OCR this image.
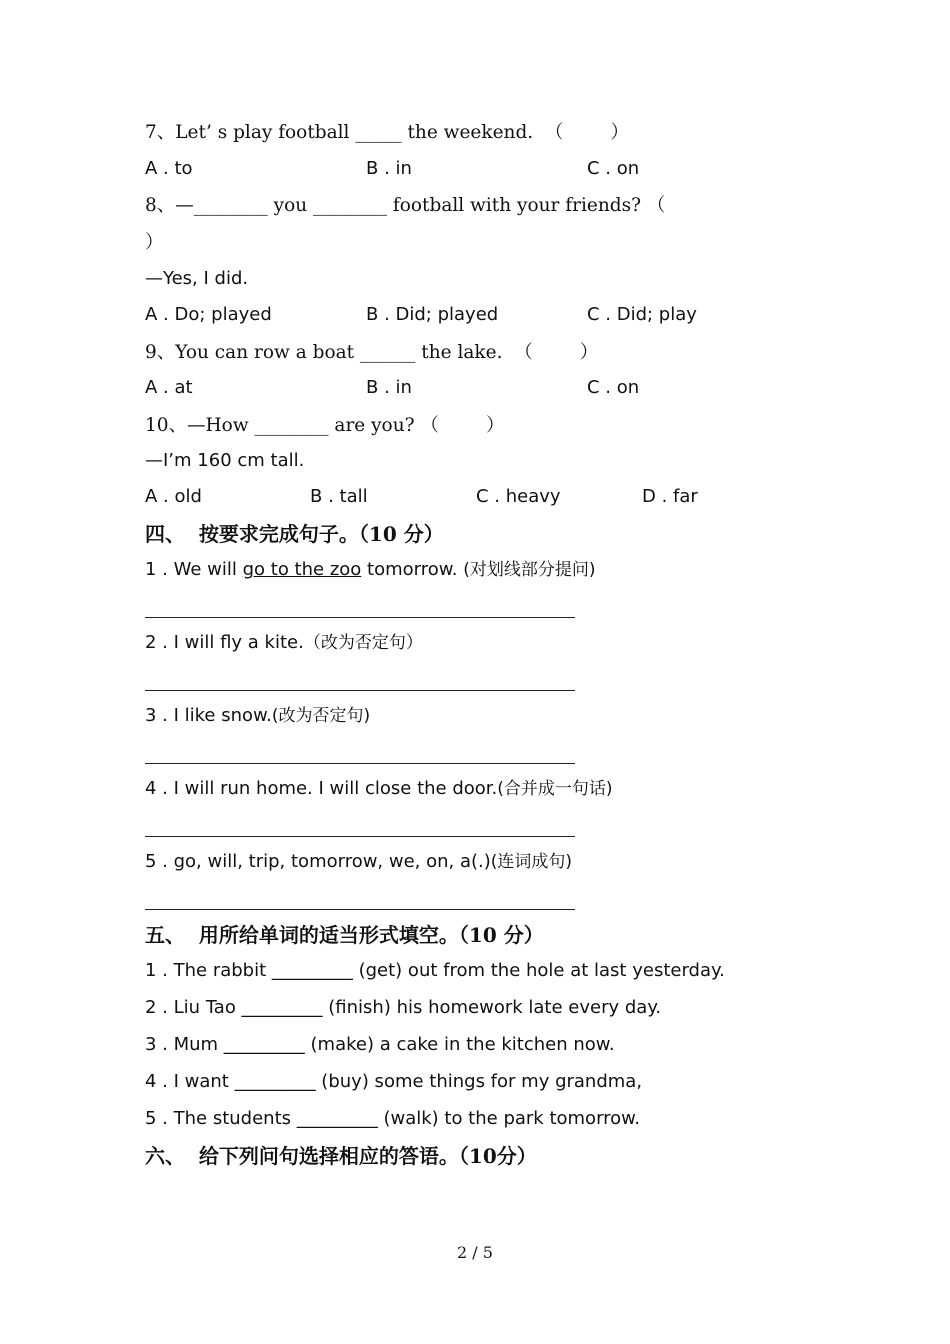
7、Let’ s play football _____ the weekend.  （        ）
A . to	B . in	C . on
8、—________ you ________ football with your friends? （
）
—Yes, I did.
A . Do; played	B . Did; played	C . Did; play
9、You can row a boat ______ the lake.  （        ）
A . at	B . in	C . on
10、—How ________ are you? （        ）
—I’m 160 cm tall.
A . old	B . tall	C . heavy	D . far
四、  按要求完成句子。（10 分）
1 . We will go to the zoo tomorrow. (对划线部分提问)
2 . I will fly a kite.（改为否定句）
3 . I like snow.(改为否定句)
4 . I will run home. I will close the door.(合并成一句话)
5 . go, will, trip, tomorrow, we, on, a(.)(连词成句)
五、  用所给单词的适当形式填空。（10 分）
1 . The rabbit _________ (get) out from the hole at last yesterday.
2 . Liu Tao _________ (finish) his homework late every day.
3 . Mum _________ (make) a cake in the kitchen now.
4 . I want _________ (buy) some things for my grandma,
5 . The students _________ (walk) to the park tomorrow.
六、  给下列问句选择相应的答语。（10分）
2 / 5
